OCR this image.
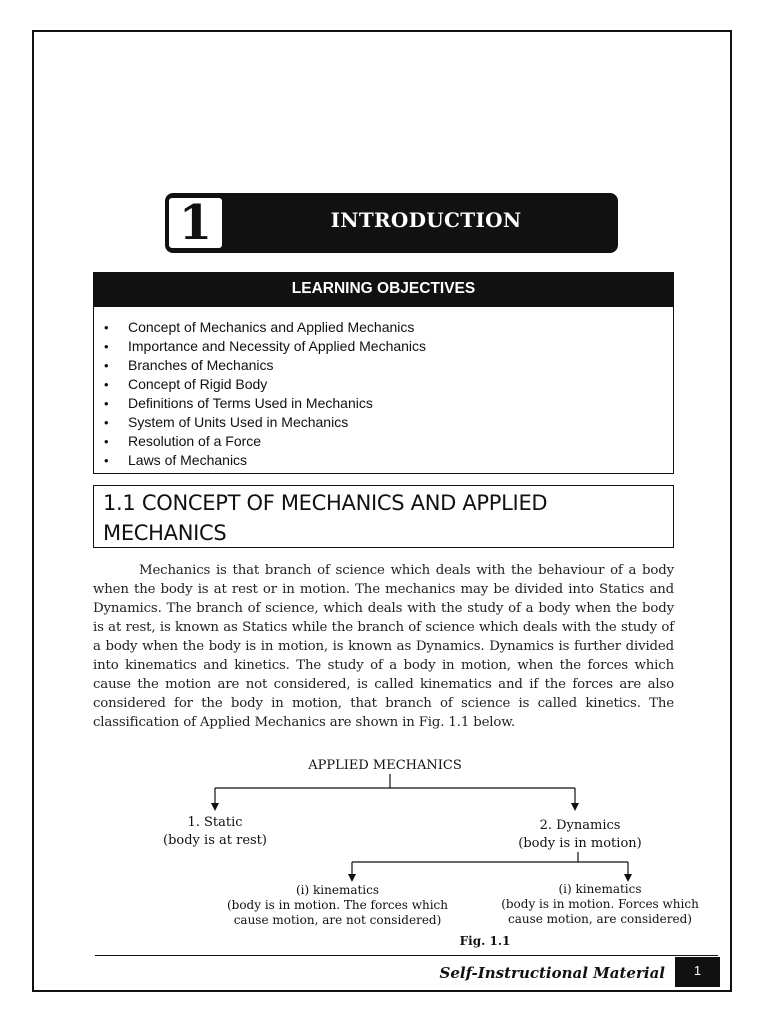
1	INTRODUCTION
LEARNING OBJECTIVES
• Concept of Mechanics and Applied Mechanics
• Importance and Necessity of Applied Mechanics
• Branches of Mechanics
• Concept of Rigid Body
• Definitions of Terms Used in Mechanics
• System of Units Used in Mechanics
• Resolution of a Force
• Laws of Mechanics
1.1 CONCEPT OF MECHANICS AND APPLIED MECHANICS

Mechanics is that branch of science which deals with the behaviour of a body when the body is at rest or in motion. The mechanics may be divided into Statics and Dynamics. The branch of science, which deals with the study of a body when the body is at rest, is known as Statics while the branch of science which deals with the study of a body when the body is in motion, is known as Dynamics. Dynamics is further divided into kinematics and kinetics. The study of a body in motion, when the forces which cause the motion are not considered, is called kinematics and if the forces are also considered for the body in motion, that branch of science is called kinetics. The classification of Applied Mechanics are shown in Fig. 1.1 below.

APPLIED MECHANICS
1. Static
(body is at rest)
2. Dynamics
(body is in motion)
(i) kinematics
(body is in motion. The forces which
cause motion, are not considered)
(i) kinematics
(body is in motion. Forces which
cause motion, are considered)
Fig. 1.1
Self-Instructional Material	1
